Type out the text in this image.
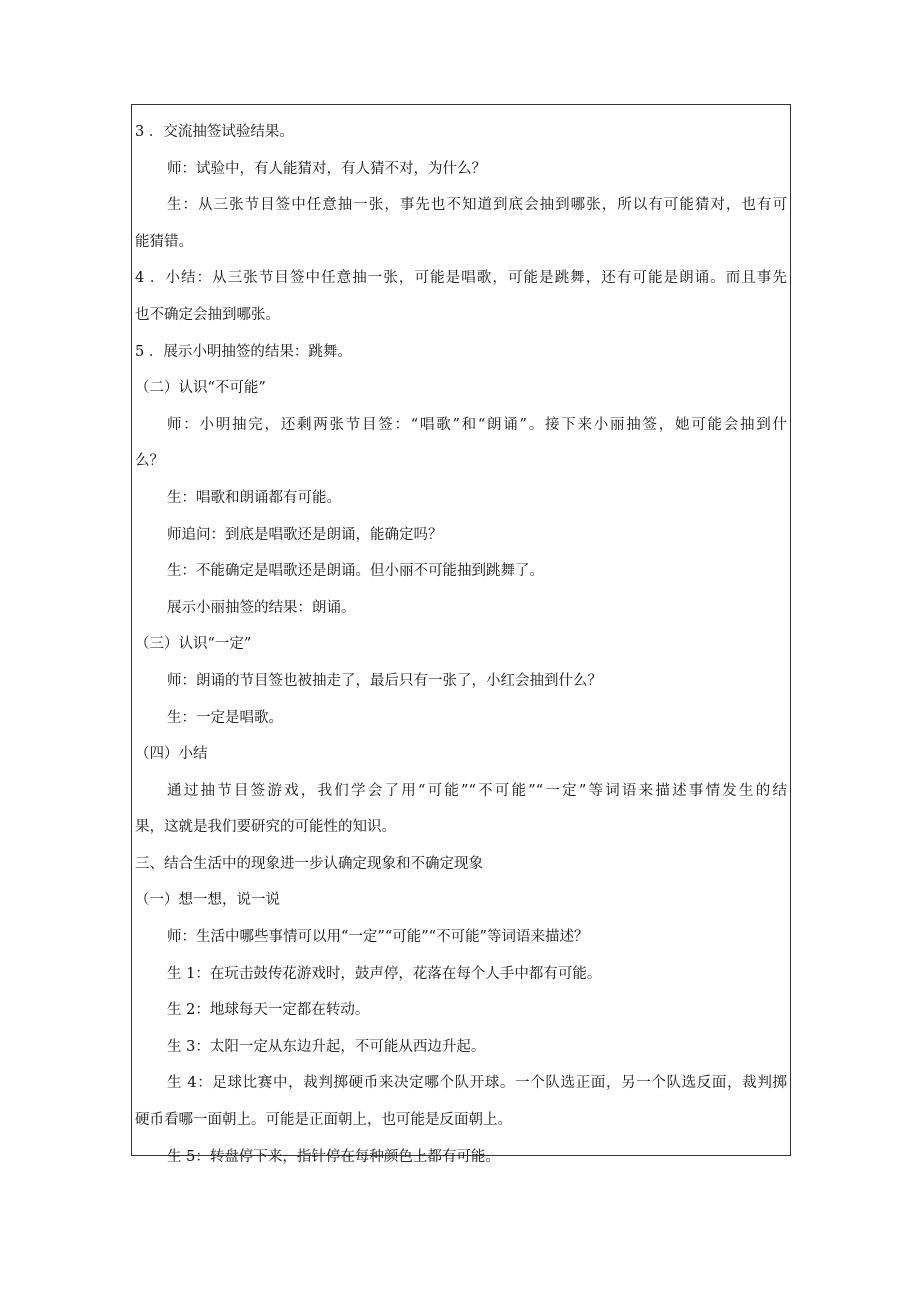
3 ．交流抽签试验结果。
师：试验中，有人能猜对，有人猜不对，为什么？
生：从三张节目签中任意抽一张，事先也不知道到底会抽到哪张，所以有可能猜对，也有可
能猜错。
4 ．小结：从三张节目签中任意抽一张，可能是唱歌，可能是跳舞，还有可能是朗诵。而且事先
也不确定会抽到哪张。
5 ．展示小明抽签的结果：跳舞。
（二）认识“不可能”
师：小明抽完，还剩两张节目签：“唱歌”和“朗诵”。接下来小丽抽签，她可能会抽到什
么？
生：唱歌和朗诵都有可能。
师追问：到底是唱歌还是朗诵，能确定吗？
生：不能确定是唱歌还是朗诵。但小丽不可能抽到跳舞了。
展示小丽抽签的结果：朗诵。
（三）认识“一定”
师：朗诵的节目签也被抽走了，最后只有一张了，小红会抽到什么？
生：一定是唱歌。
（四）小结
通过抽节目签游戏，我们学会了用“可能”“不可能”“一定”等词语来描述事情发生的结
果，这就是我们要研究的可能性的知识。
三、结合生活中的现象进一步认确定现象和不确定现象
（一）想一想，说一说
师：生活中哪些事情可以用“一定”“可能”“不可能”等词语来描述？
生 1：在玩击鼓传花游戏时，鼓声停，花落在每个人手中都有可能。
生 2：地球每天一定都在转动。
生 3：太阳一定从东边升起，不可能从西边升起。
生 4：足球比赛中，裁判掷硬币来决定哪个队开球。一个队选正面，另一个队选反面，裁判掷
硬币看哪一面朝上。可能是正面朝上，也可能是反面朝上。
生 5：转盘停下来，指针停在每种颜色上都有可能。
